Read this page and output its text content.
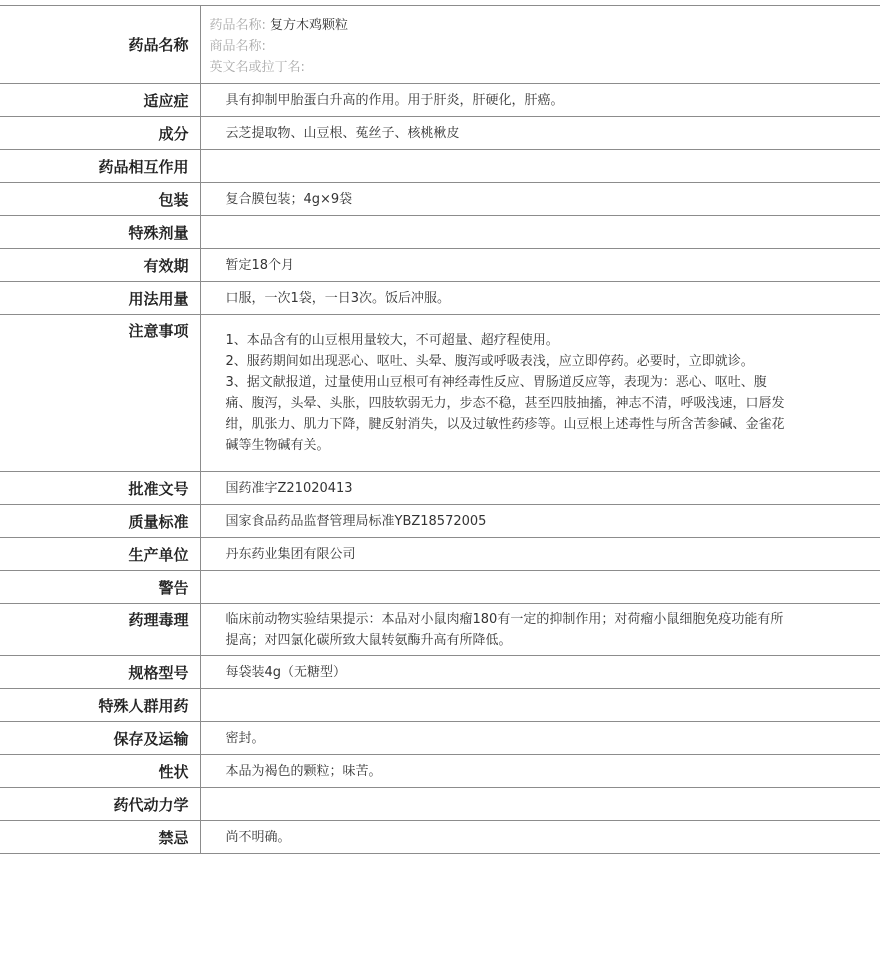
药品名称	药品名称: 复方木鸡颗粒
商品名称:
英文名或拉丁名:

适应症	具有抑制甲胎蛋白升高的作用。用于肝炎，肝硬化，肝癌。
成分	云芝提取物、山豆根、菟丝子、核桃楸皮
药品相互作用	
包装	复合膜包装；4g×9袋
特殊剂量	
有效期	暂定18个月
用法用量	口服，一次1袋，一日3次。饭后冲服。
注意事项	1、本品含有的山豆根用量较大，不可超量、超疗程使用。
2、服药期间如出现恶心、呕吐、头晕、腹泻或呼吸表浅，应立即停药。必要时，立即就诊。
3、据文献报道，过量使用山豆根可有神经毒性反应、胃肠道反应等，表现为：恶心、呕吐、腹痛、腹泻，头晕、头胀，四肢软弱无力，步态不稳，甚至四肢抽搐，神志不清，呼吸浅速，口唇发绀，肌张力、肌力下降，腱反射消失，以及过敏性药疹等。山豆根上述毒性与所含苦参碱、金雀花碱等生物碱有关。

批准文号	国药准字Z21020413
质量标准	国家食品药品监督管理局标准YBZ18572005
生产单位	丹东药业集团有限公司
警告	
药理毒理	临床前动物实验结果提示：本品对小鼠肉瘤180有一定的抑制作用；对荷瘤小鼠细胞免疫功能有所提高；对四氯化碳所致大鼠转氨酶升高有所降低。

规格型号	每袋装4g（无糖型）
特殊人群用药	
保存及运输	密封。
性状	本品为褐色的颗粒；味苦。
药代动力学	
禁忌	尚不明确。
